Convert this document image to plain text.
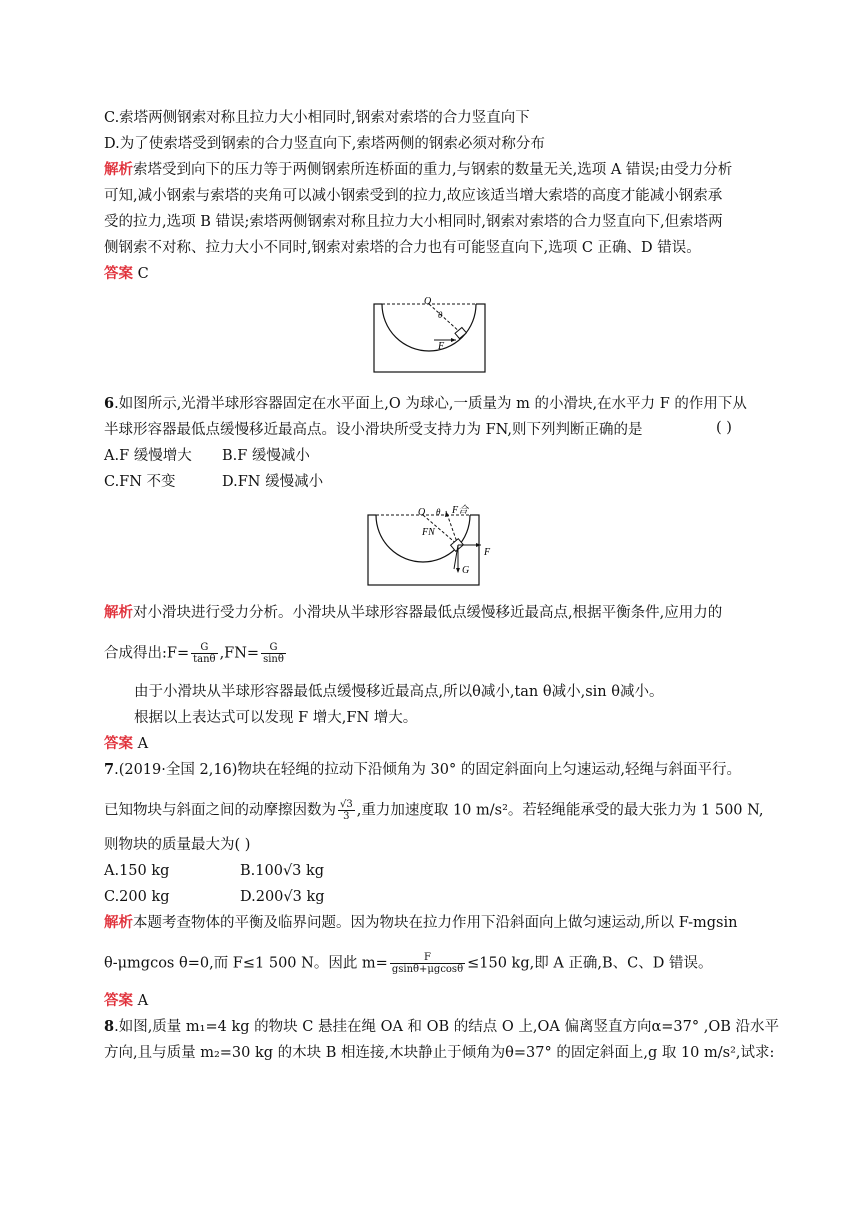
C.索塔两侧钢索对称且拉力大小相同时,钢索对索塔的合力竖直向下
D.为了使索塔受到钢索的合力竖直向下,索塔两侧的钢索必须对称分布
解析索塔受到向下的压力等于两侧钢索所连桥面的重力,与钢索的数量无关,选项 A 错误;由受力分析
可知,减小钢索与索塔的夹角可以减小钢索受到的拉力,故应该适当增大索塔的高度才能减小钢索承
受的拉力,选项 B 错误;索塔两侧钢索对称且拉力大小相同时,钢索对索塔的合力竖直向下,但索塔两
侧钢索不对称、拉力大小不同时,钢索对索塔的合力也有可能竖直向下,选项 C 正确、D 错误。
答案 C
O
θ
F
6.如图所示,光滑半球形容器固定在水平面上,O 为球心,一质量为 m 的小滑块,在水平力 F 的作用下从
半球形容器最低点缓慢移近最高点。设小滑块所受支持力为 FN,则下列判断正确的是	( )
A.F 缓慢增大 B.F 缓慢减小
C.FN 不变	D.FN 缓慢减小
O θ F合
FN
F
G
解析对小滑块进行受力分析。小滑块从半球形容器最低点缓慢移近最高点,根据平衡条件,应用力的
合成得出:F= $\frac{G}{\tan\theta} ,FN= \frac{G}{\sin\theta}$
由于小滑块从半球形容器最低点缓慢移近最高点,所以θ减小,tan θ减小,sin θ减小。
根据以上表达式可以发现 F 增大,FN 增大。
答案 A
7.(2019·全国 2,16)物块在轻绳的拉动下沿倾角为 30° 的固定斜面向上匀速运动,轻绳与斜面平行。
已知物块与斜面之间的动摩擦因数为 $\frac{√3}{3}$ ,重力加速度取 10 m/s²。若轻绳能承受的最大张力为 1 500 N,
则物块的质量最大为( )
A.150 kg	B.100√3 kg
C.200 kg	D.200√3 kg
解析本题考查物体的平衡及临界问题。因为物块在拉力作用下沿斜面向上做匀速运动,所以 F-mgsin
θ-μmgcos θ=0,而 F≤1 500 N。因此 $m= \frac{F}{gsin\theta+\mu gcos\theta} \le 150$ kg,即 A 正确,B、C、D 错误。
答案 A
8.如图,质量 m₁=4 kg 的物块 C 悬挂在绳 OA 和 OB 的结点 O 上,OA 偏离竖直方向α=37° ,OB 沿水平
方向,且与质量 m₂=30 kg 的木块 B 相连接,木块静止于倾角为θ=37° 的固定斜面上,g 取 10 m/s²,试求:
